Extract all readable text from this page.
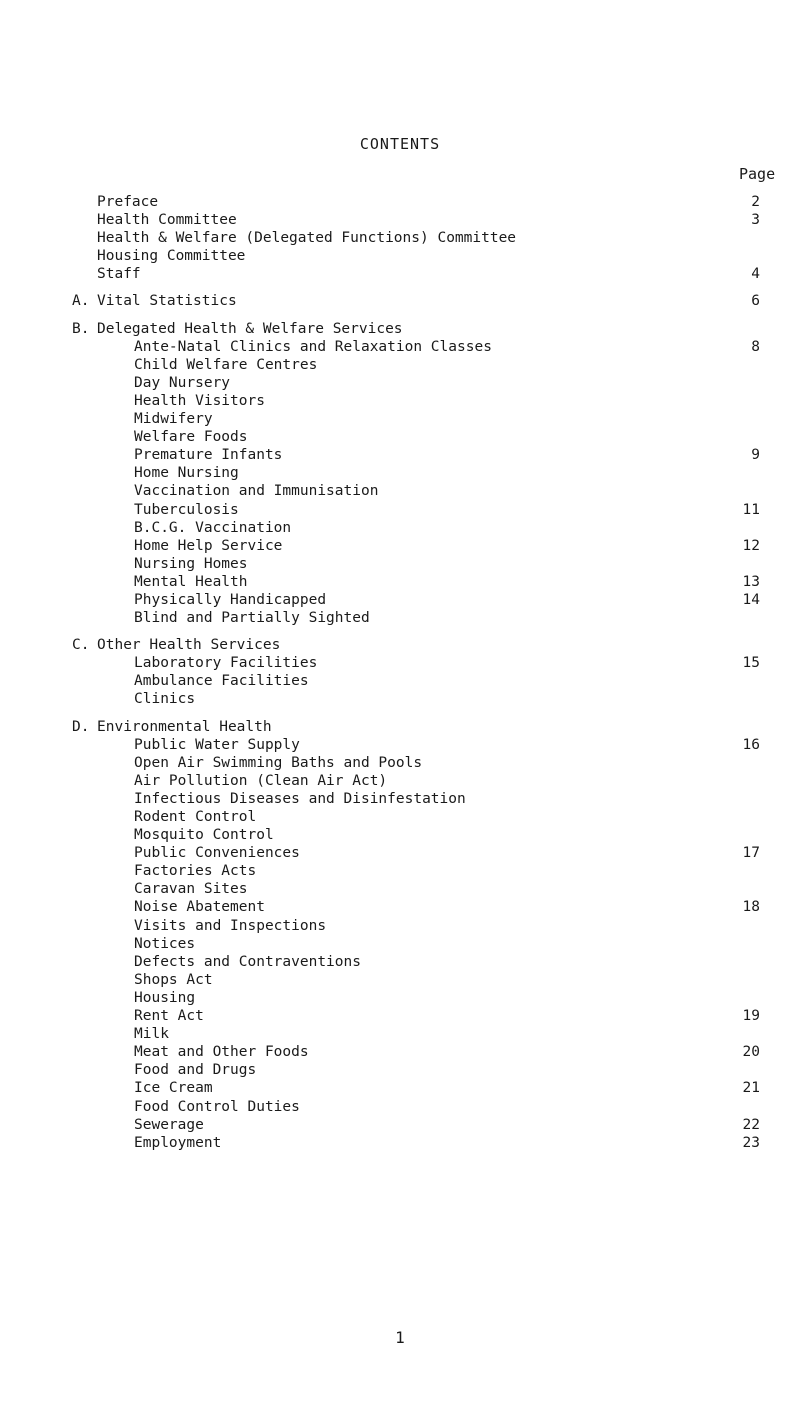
CONTENTS
Page
Preface	2
Health Committee	3
Health & Welfare (Delegated Functions) Committee
Housing Committee
Staff	4
A. Vital Statistics	6
B. Delegated Health & Welfare Services
Ante-Natal Clinics and Relaxation Classes	8
Child Welfare Centres
Day Nursery
Health Visitors
Midwifery
Welfare Foods
Premature Infants	9
Home Nursing
Vaccination and Immunisation
Tuberculosis	11
B.C.G. Vaccination
Home Help Service	12
Nursing Homes
Mental Health	13
Physically Handicapped	14
Blind and Partially Sighted
C. Other Health Services
Laboratory Facilities	15
Ambulance Facilities
Clinics
D. Environmental Health
Public Water Supply	16
Open Air Swimming Baths and Pools
Air Pollution (Clean Air Act)
Infectious Diseases and Disinfestation
Rodent Control
Mosquito Control
Public Conveniences	17
Factories Acts
Caravan Sites
Noise Abatement	18
Visits and Inspections
Notices
Defects and Contraventions
Shops Act
Housing
Rent Act	19
Milk
Meat and Other Foods	20
Food and Drugs
Ice Cream	21
Food Control Duties
Sewerage	22
Employment	23
1
